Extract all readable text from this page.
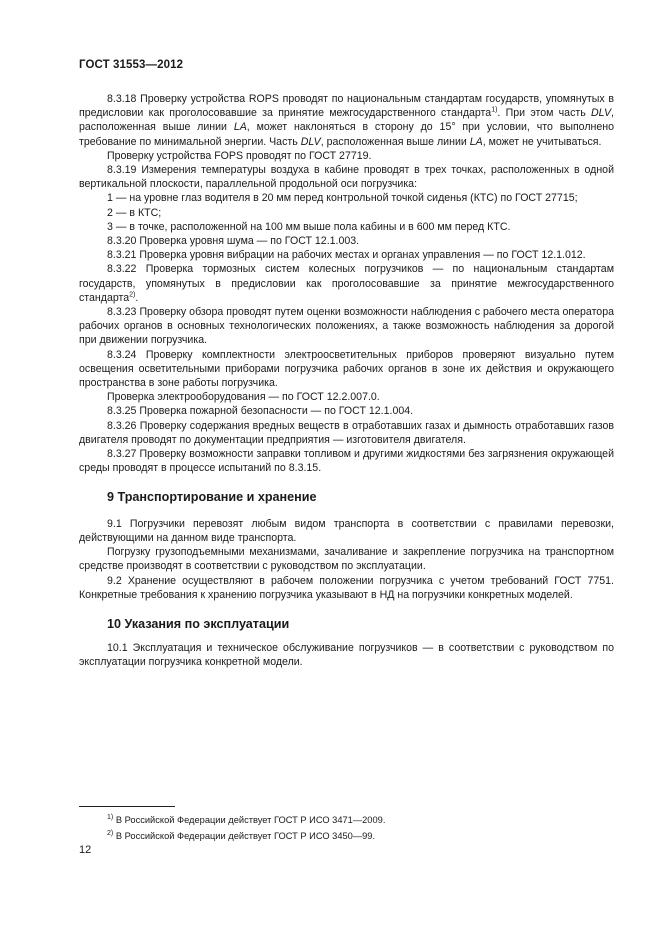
ГОСТ 31553—2012

8.3.18 Проверку устройства ROPS проводят по национальным стандартам государств, упомянутых в предисловии как проголосовавшие за принятие межгосударственного стандарта$^{1)}$. При этом часть DLV, расположенная выше линии LA, может наклоняться в сторону до 15° при условии, что выполнено требование по минимальной энергии. Часть DLV, расположенная выше линии LA, может не учитываться.

Проверку устройства FOPS проводят по ГОСТ 27719.

8.3.19 Измерения температуры воздуха в кабине проводят в трех точках, расположенных в одной вертикальной плоскости, параллельной продольной оси погрузчика:

1 — на уровне глаз водителя в 20 мм перед контрольной точкой сиденья (КТС) по ГОСТ 27715;

2 — в КТС;

3 — в точке, расположенной на 100 мм выше пола кабины и в 600 мм перед КТС.

8.3.20 Проверка уровня шума — по ГОСТ 12.1.003.

8.3.21 Проверка уровня вибрации на рабочих местах и органах управления — по ГОСТ 12.1.012.

8.3.22 Проверка тормозных систем колесных погрузчиков — по национальным стандартам государств, упомянутых в предисловии как проголосовавшие за принятие межгосударственного стандарта$^{2)}$.

8.3.23 Проверку обзора проводят путем оценки возможности наблюдения с рабочего места оператора рабочих органов в основных технологических положениях, а также возможность наблюдения за дорогой при движении погрузчика.

8.3.24 Проверку комплектности электроосветительных приборов проверяют визуально путем освещения осветительными приборами погрузчика рабочих органов в зоне их действия и окружающего пространства в зоне работы погрузчика.

Проверка электрооборудования — по ГОСТ 12.2.007.0.

8.3.25 Проверка пожарной безопасности — по ГОСТ 12.1.004.

8.3.26 Проверку содержания вредных веществ в отработавших газах и дымность отработавших газов двигателя проводят по документации предприятия — изготовителя двигателя.

8.3.27 Проверку возможности заправки топливом и другими жидкостями без загрязнения окружающей среды проводят в процессе испытаний по 8.3.15.

9 Транспортирование и хранение

9.1 Погрузчики перевозят любым видом транспорта в соответствии с правилами перевозки, действующими на данном виде транспорта.

Погрузку грузоподъемными механизмами, зачаливание и закрепление погрузчика на транспортном средстве производят в соответствии с руководством по эксплуатации.

9.2 Хранение осуществляют в рабочем положении погрузчика с учетом требований ГОСТ 7751. Конкретные требования к хранению погрузчика указывают в НД на погрузчики конкретных моделей.

10 Указания по эксплуатации

10.1 Эксплуатация и техническое обслуживание погрузчиков — в соответствии с руководством по эксплуатации погрузчика конкретной модели.

$^{1)}$ В Российской Федерации действует ГОСТ Р ИСО 3471—2009.
$^{2)}$ В Российской Федерации действует ГОСТ Р ИСО 3450—99.
12
